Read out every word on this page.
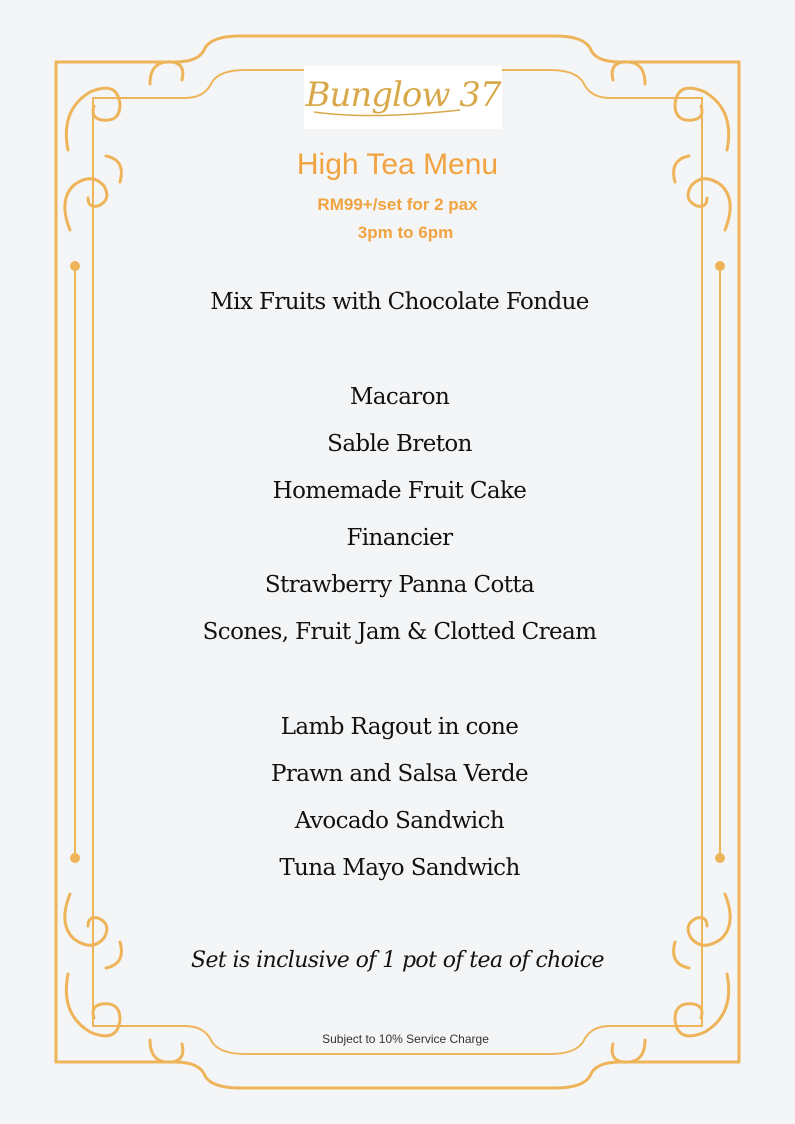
Bunglow 37
High Tea Menu
RM99+/set for 2 pax
3pm to 6pm
Mix Fruits with Chocolate Fondue
Macaron
Sable Breton
Homemade Fruit Cake
Financier
Strawberry Panna Cotta
Scones, Fruit Jam & Clotted Cream
Lamb Ragout in cone
Prawn and Salsa Verde
Avocado Sandwich
Tuna Mayo Sandwich
Set is inclusive of 1 pot of tea of choice
Subject to 10% Service Charge
